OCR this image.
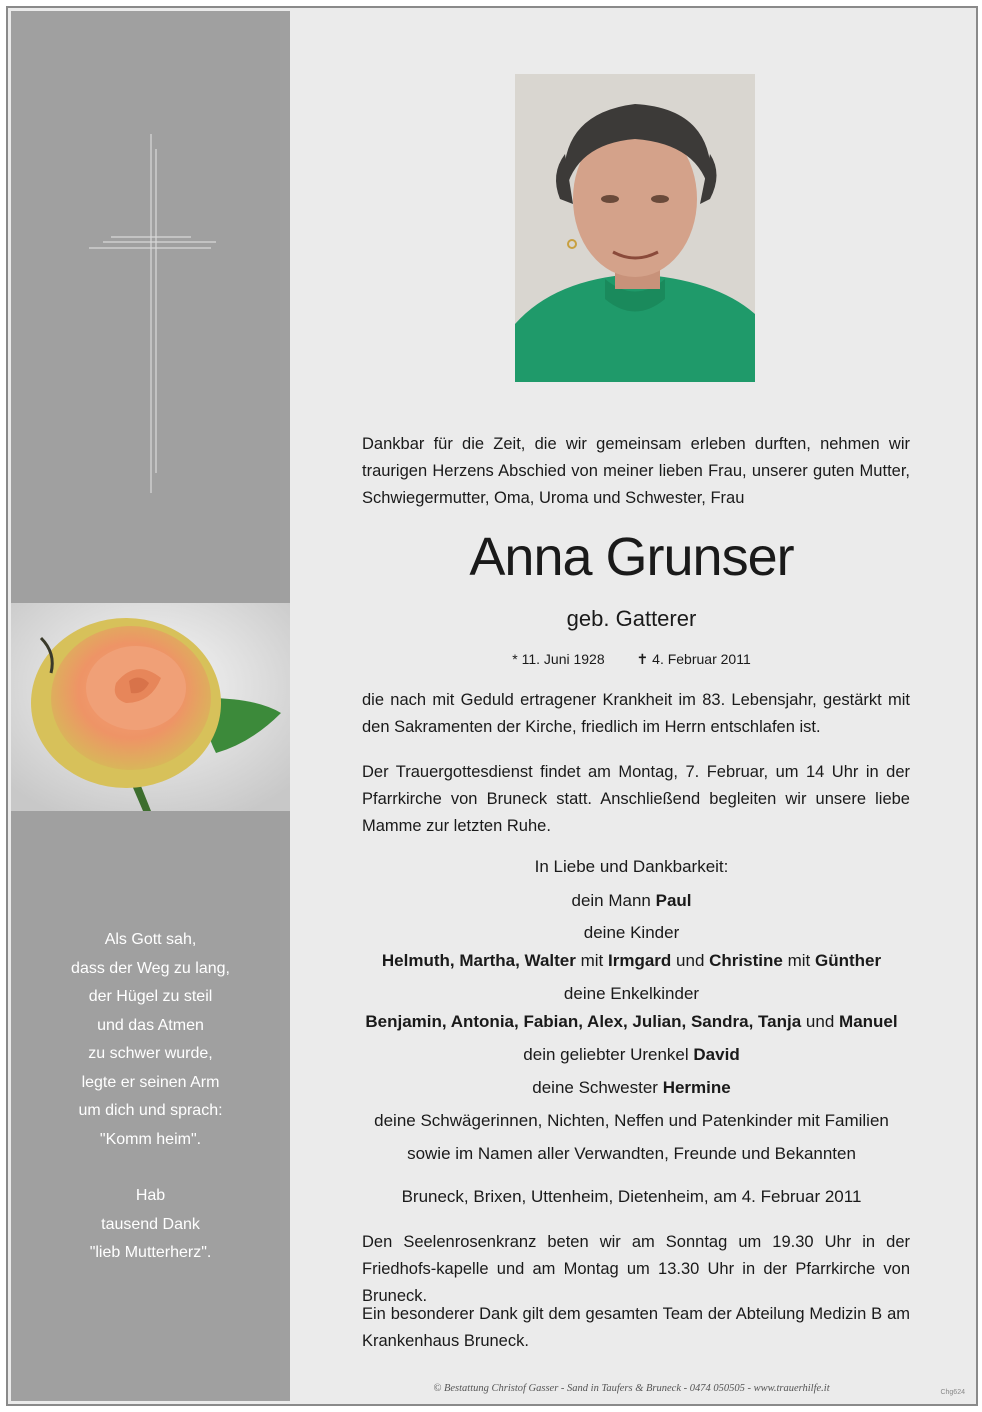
Als Gott sah,

dass der Weg zu lang,

der Hügel zu steil

und das Atmen

zu schwer wurde,

legte er seinen Arm

um dich und sprach:

"Komm heim".

Hab

tausend Dank

"lieb Mutterherz".

Dankbar für die Zeit, die wir gemeinsam erleben durften, nehmen wir traurigen Herzens Abschied von meiner lieben Frau, unserer guten Mutter, Schwiegermutter, Oma, Uroma und Schwester, Frau
Anna Grunser
geb. Gatterer
* 11. Juni 1928 ✝ 4. Februar 2011
die nach mit Geduld ertragener Krankheit im 83. Lebensjahr, gestärkt mit den Sakramenten der Kirche, friedlich im Herrn entschlafen ist.
Der Trauergottesdienst findet am Montag, 7. Februar, um 14 Uhr in der Pfarrkirche von Bruneck statt. Anschließend begleiten wir unsere liebe Mamme zur letzten Ruhe.
In Liebe und Dankbarkeit:
dein Mann Paul
deine Kinder
Helmuth, Martha, Walter mit Irmgard und Christine mit Günther
deine Enkelkinder
Benjamin, Antonia, Fabian, Alex, Julian, Sandra, Tanja und Manuel
dein geliebter Urenkel David
deine Schwester Hermine
deine Schwägerinnen, Nichten, Neffen und Patenkinder mit Familien
sowie im Namen aller Verwandten, Freunde und Bekannten
Bruneck, Brixen, Uttenheim, Dietenheim, am 4. Februar 2011
Den Seelenrosenkranz beten wir am Sonntag um 19.30 Uhr in der Friedhofs-kapelle und am Montag um 13.30 Uhr in der Pfarrkirche von Bruneck.
Ein besonderer Dank gilt dem gesamten Team der Abteilung Medizin B am Krankenhaus Bruneck.
© Bestattung Christof Gasser - Sand in Taufers & Bruneck - 0474 050505 - www.trauerhilfe.it	Chg624
